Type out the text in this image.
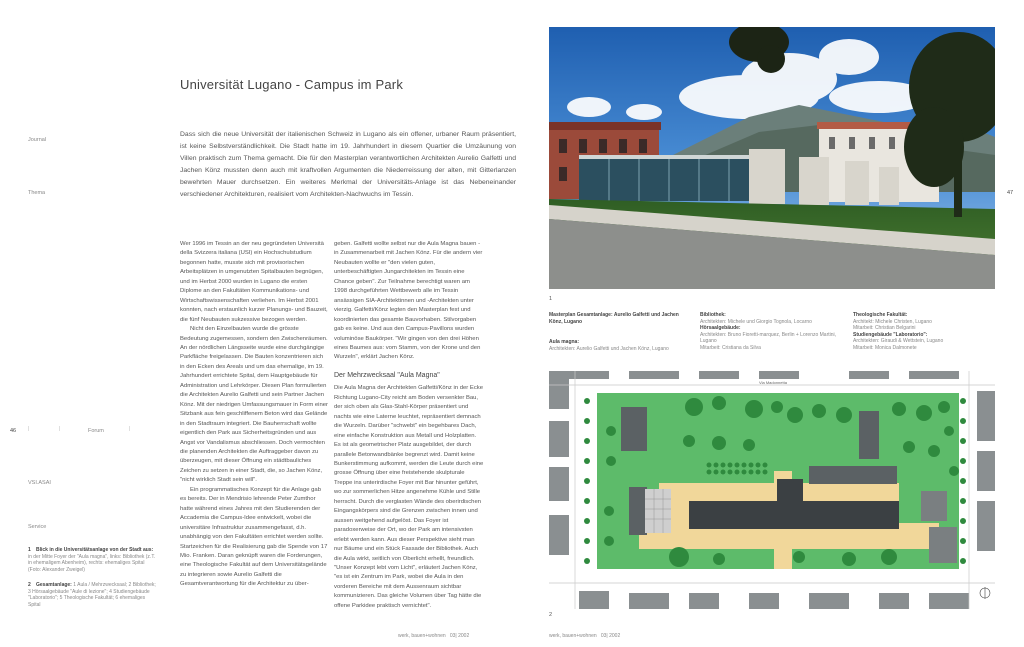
Journal
Thema
46 |	|	Forum	|
VSI.ASAI
Service
1 Blick in die Universitätsanlage von der Stadt aus: in der Mitte Foyer der "Aula magna", links: Bibliothek (z.T. in ehemaligem Abenheim), rechts: ehemaliges Spital (Foto: Alexander Zweigel)
2 Gesamtanlage: 1 Aula / Mehrzwecksaal; 2 Bibliothek; 3 Hörsaalgebäude "Aule di lezione"; 4 Studiengebäude "Laboratorio"; 5 Theologische Fakultät; 6 ehemaliges Spital
Universität Lugano - Campus im Park
Dass sich die neue Universität der italienischen Schweiz in Lugano als ein offener, urbaner Raum präsentiert, ist keine Selbstverständlichkeit. Die Stadt hatte im 19. Jahrhundert in diesem Quartier die Umzäunung von Villen praktisch zum Thema gemacht. Die für den Masterplan verantwortlichen Architekten Aurelio Galfetti und Jachen Könz mussten denn auch mit kraftvollen Argumenten die Niederreissung der alten, mit Gitterlanzen bewehrten Mauer durchsetzen. Ein weiteres Merkmal der Universitäts-Anlage ist das Nebeneinander verschiedener Architekturen, realisiert vom Architekten-Nachwuchs im Tessin.

Wer 1996 im Tessin an der neu gegründeten Università della Svizzera italiana (USI) ein Hochschulstudium begonnen hatte, musste sich mit provisorischen Arbeitsplätzen in umgenutzten Spitalbauten begnügen, und im Herbst 2000 wurden in Lugano die ersten Diplome an den Fakultäten Kommunikations- und Wirtschaftswissenschaften verliehen. Im Herbst 2001 konnten, nach erstaunlich kurzer Planungs- und Bauzeit, die fünf Neubauten sukzessive bezogen werden.

Nicht den Einzelbauten wurde die grösste Bedeutung zugemessen, sondern den Zwischenräumen. An der nördlichen Längsseite wurde eine durchgängige Parkfläche freigelassen. Die Bauten konzentrieren sich in den Ecken des Areals und um das ehemalige, im 19. Jahrhundert errichtete Spital, dem Hauptgebäude für Administration und Lehrkörper. Diesen Plan formulierten die Architekten Aurelio Galfetti und sein Partner Jachen Könz. Mit der niedrigen Umfassungsmauer in Form einer Sitzbank aus fein geschliffenem Beton wird das Gelände in den Stadtraum integriert. Die Bauherrschaft wollte eigentlich den Park aus Sicherheitsgründen und aus Angst vor Vandalismus abschliessen. Doch vermochten die planenden Architekten die Auftraggeber davon zu überzeugen, mit dieser Öffnung ein städtbauliches Zeichen zu setzen in einer Stadt, die, so Jachen Könz, "nicht wirklich Stadt sein will".

Ein programmatisches Konzept für die Anlage gab es bereits. Der in Mendrisio lehrende Peter Zumthor hatte während eines Jahres mit den Studierenden der Accademia die Campus-Idee entwickelt, wobei die universitäre Infrastruktur zusammengefasst, d.h. unabhängig von den Fakultäten errichtet werden sollte. Startzeichen für die Realisierung gab die Spende von 17 Mio. Franken. Daran geknüpft waren die Forderungen, eine Theologische Fakultät auf dem Universitätsgelände zu integrieren sowie Aurelio Galfetti die Gesamtverantwortung für die Architektur zu über-

geben. Galfetti wollte selbst nur die Aula Magna bauen - in Zusammenarbeit mit Jachen Könz. Für die andern vier Neubauten wollte er "den vielen guten, unterbeschäftigten Jungarchitekten im Tessin eine Chance geben". Zur Teilnahme berechtigt waren am 1998 durchgeführten Wettbewerb alle im Tessin ansässigen SIA-Architektinnen und -Architekten unter vierzig. Galfetti/Könz legten den Masterplan fest und koordinierten das gesamte Bauvorhaben. Stilvorgaben gab es keine. Und aus den Campus-Pavillons wurden voluminöse Baukörper. "Wir gingen von den drei Höhen eines Baumes aus: vom Stamm, von der Krone und den Wurzeln", erklärt Jachen Könz.

Der Mehrzwecksaal "Aula Magna"

Die Aula Magna der Architekten Galfetti/Könz in der Ecke Richtung Lugano-City reicht am Boden versenkter Bau, der sich oben als Glas-Stahl-Körper präsentiert und nachts wie eine Laterne leuchtet, repräsentiert demnach die Wurzeln. Darüber "schwebt" ein begehbares Dach, eine einfache Konstruktion aus Metall und Holzplatten. Es ist als geometrischer Platz ausgebildet, der durch parallele Betonwandbänke begrenzt wird. Damit keine Bunkerstimmung aufkommt, werden die Leute durch eine grosse Öffnung über eine freistehende skulpturale Treppe ins unterirdische Foyer mit Bar hinunter geführt, wo zur sommerlichen Hitze angenehme Kühle und Stille herrscht. Durch die verglasten Wände des oberirdischen Eingangskörpers sind die Grenzen zwischen innen und aussen weitgehend aufgelöst. Das Foyer ist paradoxerweise der Ort, wo der Park am intensivsten erlebt werden kann. Aus dieser Perspektive sieht man nur Bäume und ein Stück Fassade der Bibliothek. Auch die Aula wirkt, seitlich von Oberlicht erhellt, freundlich. "Unser Konzept lebt vom Licht", erläutert Jachen Könz, "es ist ein Zentrum im Park, wobei die Aula in den vorderen Bereiche mit dem Aussenraum sichtbar kommunizieren. Das gleiche Volumen über Tag hätte die offene Parkidee praktisch vernichtet".

werk, bauen+wohnen 03| 2002
47
1
Masterplan Gesamtanlage: Aurelio Galfetti und Jachen Könz, Lugano
Aula magna:
Architekten: Aurelio Galfetti und Jachen Könz, Lugano
Bibliothek:
Architekten: Michele und Giorgio Tognola, Locarno
Hörsaalgebäude:
Architekten: Bruno Fioretti-marquez, Berlin + Lorenzo Martini, Lugano
Mitarbeit: Cristiana da Silva
Theologische Fakultät:
Architekt: Michele Christen, Lugano
Mitarbeit: Christian Belgarini
Studiengebäude "Laboratorio":
Architekten: Giraudi & Wettstein, Lugano
Mitarbeit: Monica Dalmonete
Via Madonnetta
2
werk, bauen+wohnen 03| 2002
